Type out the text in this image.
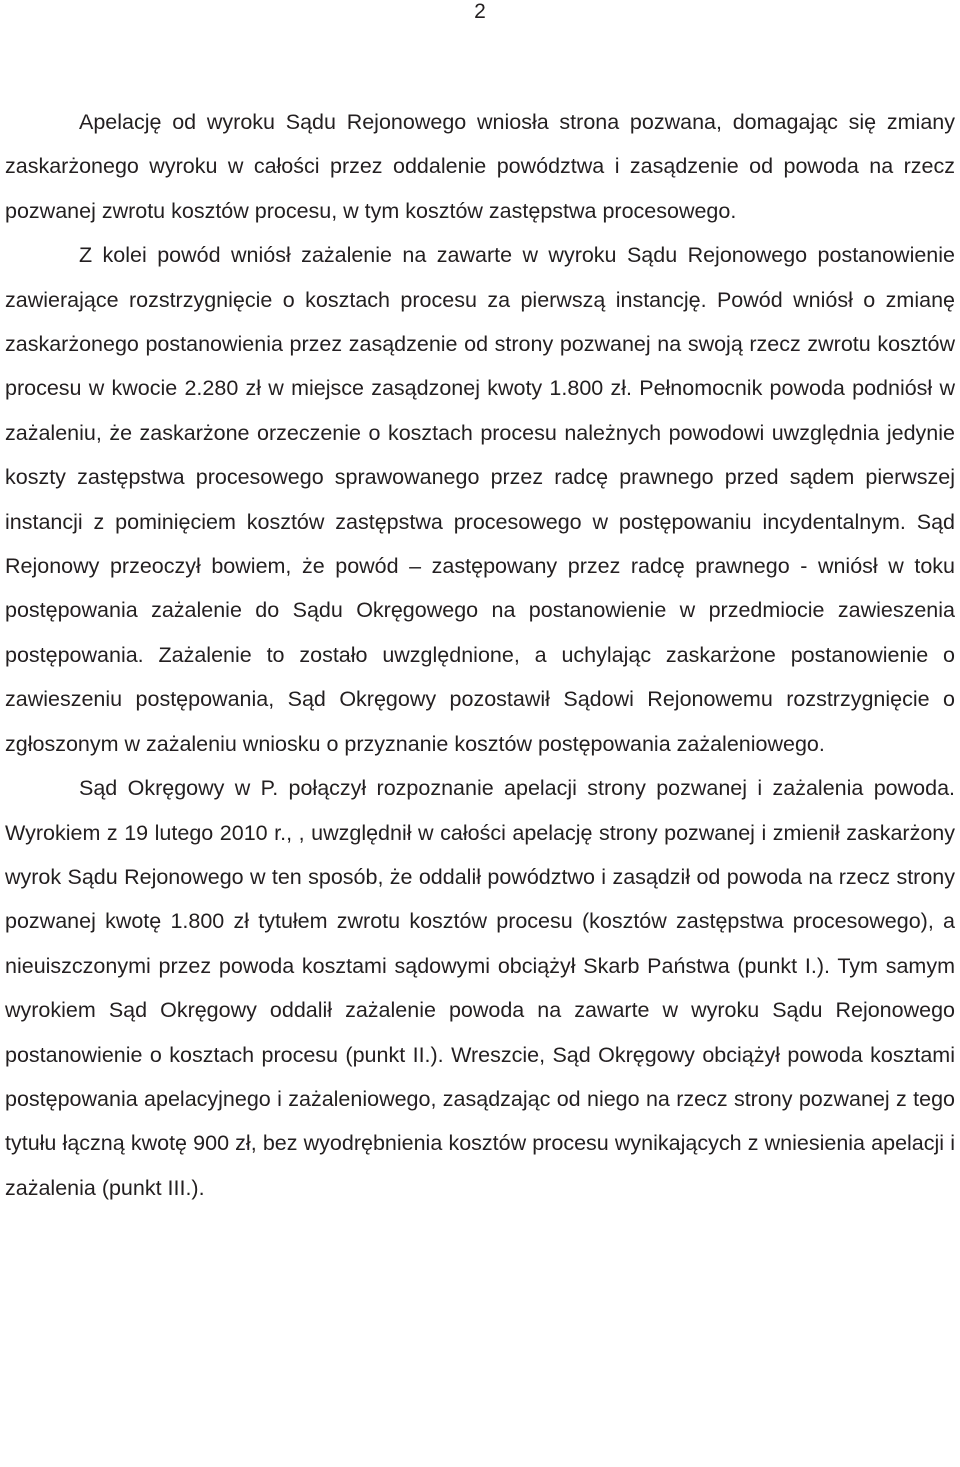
2

Apelację od wyroku Sądu Rejonowego wniosła strona pozwana, domagając się zmiany zaskarżonego wyroku w całości przez oddalenie powództwa i zasądzenie od powoda na rzecz pozwanej zwrotu kosztów procesu, w tym kosztów zastępstwa procesowego.

Z kolei powód wniósł zażalenie na zawarte w wyroku Sądu Rejonowego postanowienie zawierające rozstrzygnięcie o kosztach procesu za pierwszą instancję. Powód wniósł o zmianę zaskarżonego postanowienia przez zasądzenie od strony pozwanej na swoją rzecz zwrotu kosztów procesu w kwocie 2.280 zł w miejsce zasądzonej kwoty 1.800 zł. Pełnomocnik powoda podniósł w zażaleniu, że zaskarżone orzeczenie o kosztach procesu należnych powodowi uwzględnia jedynie koszty zastępstwa procesowego sprawowanego przez radcę prawnego przed sądem pierwszej instancji z pominięciem kosztów zastępstwa procesowego w postępowaniu incydentalnym. Sąd Rejonowy przeoczył bowiem, że powód – zastępowany przez radcę prawnego - wniósł w toku postępowania zażalenie do Sądu Okręgowego na postanowienie w przedmiocie zawieszenia postępowania. Zażalenie to zostało uwzględnione, a uchylając zaskarżone postanowienie o zawieszeniu postępowania, Sąd Okręgowy pozostawił Sądowi Rejonowemu rozstrzygnięcie o zgłoszonym w zażaleniu wniosku o przyznanie kosztów postępowania zażaleniowego.

Sąd Okręgowy w P. połączył rozpoznanie apelacji strony pozwanej i zażalenia powoda. Wyrokiem z 19 lutego 2010 r., , uwzględnił w całości apelację strony pozwanej i zmienił zaskarżony wyrok Sądu Rejonowego w ten sposób, że oddalił powództwo i zasądził od powoda na rzecz strony pozwanej kwotę 1.800 zł tytułem zwrotu kosztów procesu (kosztów zastępstwa procesowego), a nieuiszczonymi przez powoda kosztami sądowymi obciążył Skarb Państwa (punkt I.). Tym samym wyrokiem Sąd Okręgowy oddalił zażalenie powoda na zawarte w wyroku Sądu Rejonowego postanowienie o kosztach procesu (punkt II.). Wreszcie, Sąd Okręgowy obciążył powoda kosztami postępowania apelacyjnego i zażaleniowego, zasądzając od niego na rzecz strony pozwanej z tego tytułu łączną kwotę 900 zł, bez wyodrębnienia kosztów procesu wynikających z wniesienia apelacji i zażalenia (punkt III.).
